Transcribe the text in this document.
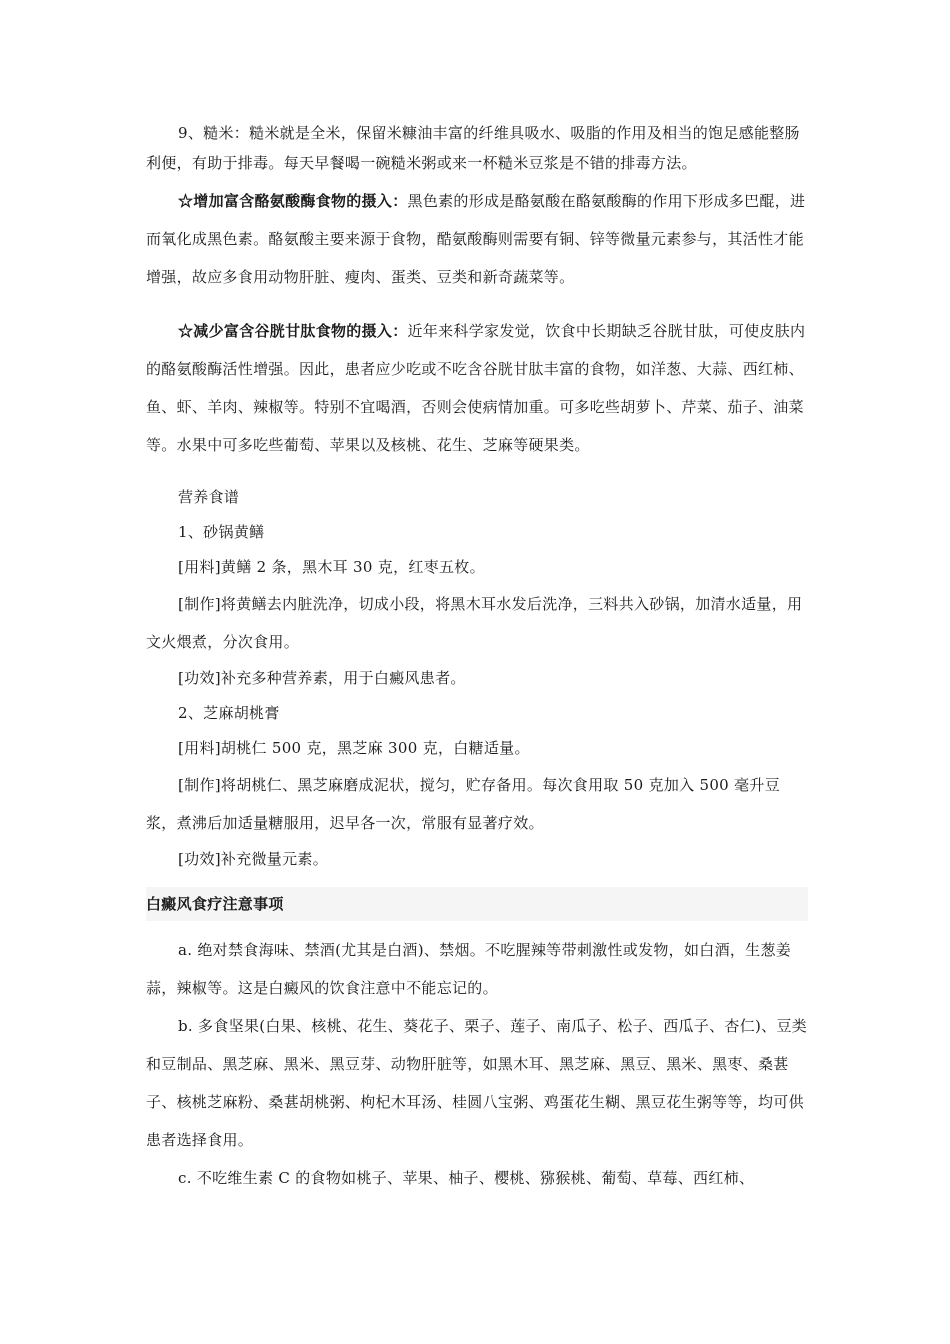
9、糙米：糙米就是全米，保留米糠油丰富的纤维具吸水、吸脂的作用及相当的饱足感能整肠利便，有助于排毒。每天早餐喝一碗糙米粥或来一杯糙米豆浆是不错的排毒方法。

☆增加富含酪氨酸酶食物的摄入：黑色素的形成是酪氨酸在酪氨酸酶的作用下形成多巴醌，进而氧化成黑色素。酪氨酸主要来源于食物，酷氨酸酶则需要有铜、锌等微量元素参与，其活性才能增强，故应多食用动物肝脏、瘦肉、蛋类、豆类和新奇蔬菜等。

☆减少富含谷胱甘肽食物的摄入：近年来科学家发觉，饮食中长期缺乏谷胱甘肽，可使皮肤内的酪氨酸酶活性增强。因此，患者应少吃或不吃含谷胱甘肽丰富的食物，如洋葱、大蒜、西红柿、鱼、虾、羊肉、辣椒等。特别不宜喝酒，否则会使病情加重。可多吃些胡萝卜、芹菜、茄子、油菜等。水果中可多吃些葡萄、苹果以及核桃、花生、芝麻等硬果类。

营养食谱

1、砂锅黄鳝

[用料]黄鳝 2 条，黑木耳 30 克，红枣五枚。

[制作]将黄鳝去内脏洗净，切成小段，将黑木耳水发后洗净，三料共入砂锅，加清水适量，用文火煨煮，分次食用。

[功效]补充多种营养素，用于白癜风患者。

2、芝麻胡桃膏

[用料]胡桃仁 500 克，黑芝麻 300 克，白糖适量。

[制作]将胡桃仁、黑芝麻磨成泥状，搅匀，贮存备用。每次食用取 50 克加入 500 毫升豆浆，煮沸后加适量糖服用，迟早各一次，常服有显著疗效。

[功效]补充微量元素。

白癜风食疗注意事项

a. 绝对禁食海味、禁酒(尤其是白酒)、禁烟。不吃腥辣等带刺激性或发物，如白酒，生葱姜蒜，辣椒等。这是白癜风的饮食注意中不能忘记的。

b. 多食坚果(白果、核桃、花生、葵花子、栗子、莲子、南瓜子、松子、西瓜子、杏仁)、豆类和豆制品、黑芝麻、黑米、黑豆芽、动物肝脏等，如黑木耳、黑芝麻、黑豆、黑米、黑枣、桑葚子、核桃芝麻粉、桑葚胡桃粥、枸杞木耳汤、桂圆八宝粥、鸡蛋花生糊、黑豆花生粥等等，均可供患者选择食用。

c. 不吃维生素 C 的食物如桃子、苹果、柚子、樱桃、猕猴桃、葡萄、草莓、西红柿、
